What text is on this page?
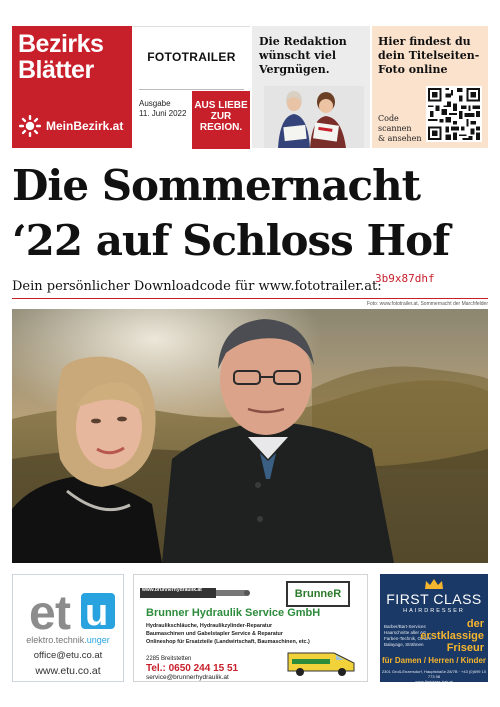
Bezirks
Blätter
MeinBezirk.at
FOTOTRAILER
Ausgabe
11. Juni 2022
AUS LIEBE
ZUR
REGION.
Die Redaktion
wünscht viel
Vergnügen.
Hier findest du
dein Titelseiten-
Foto online
Code
scannen
& ansehen
Die Sommernacht
‘22 auf Schloss Hof
Dein persönlicher Downloadcode für www.fototrailer.at:
3b9x87dhf
Foto: www.fototrailer.at, Sommernacht der Marchfelder
e t u
elektro.technik.unger
office@etu.co.at
www.etu.co.at
www.brunnerhydraulik.at	BrunneR
Brunner Hydraulik Service GmbH
Hydraulikschläuche, Hydraulikzylinder-Reparatur
Baumaschinen und Gabelstapler Service & Reparatur
Onlineshop für Ersatzteile (Landwirtschaft, Baumaschinen, etc.)
2285 Breitstetten
Tel.: 0650 244 15 51
service@brunnerhydraulik.at
FIRST CLASS
HAIRDRESSER
Barber/Bart-Services
Haarschnitte aller Art
Farben-Technik, Ombré
Balayage, Strähnen
der
erstklassige
Friseur
für Damen / Herren / Kinder
2301 Groß-Enzersdorf, Hauptstraße 28/7B · +43 (0)699 10 773 98
www.firstclass-hair.at
